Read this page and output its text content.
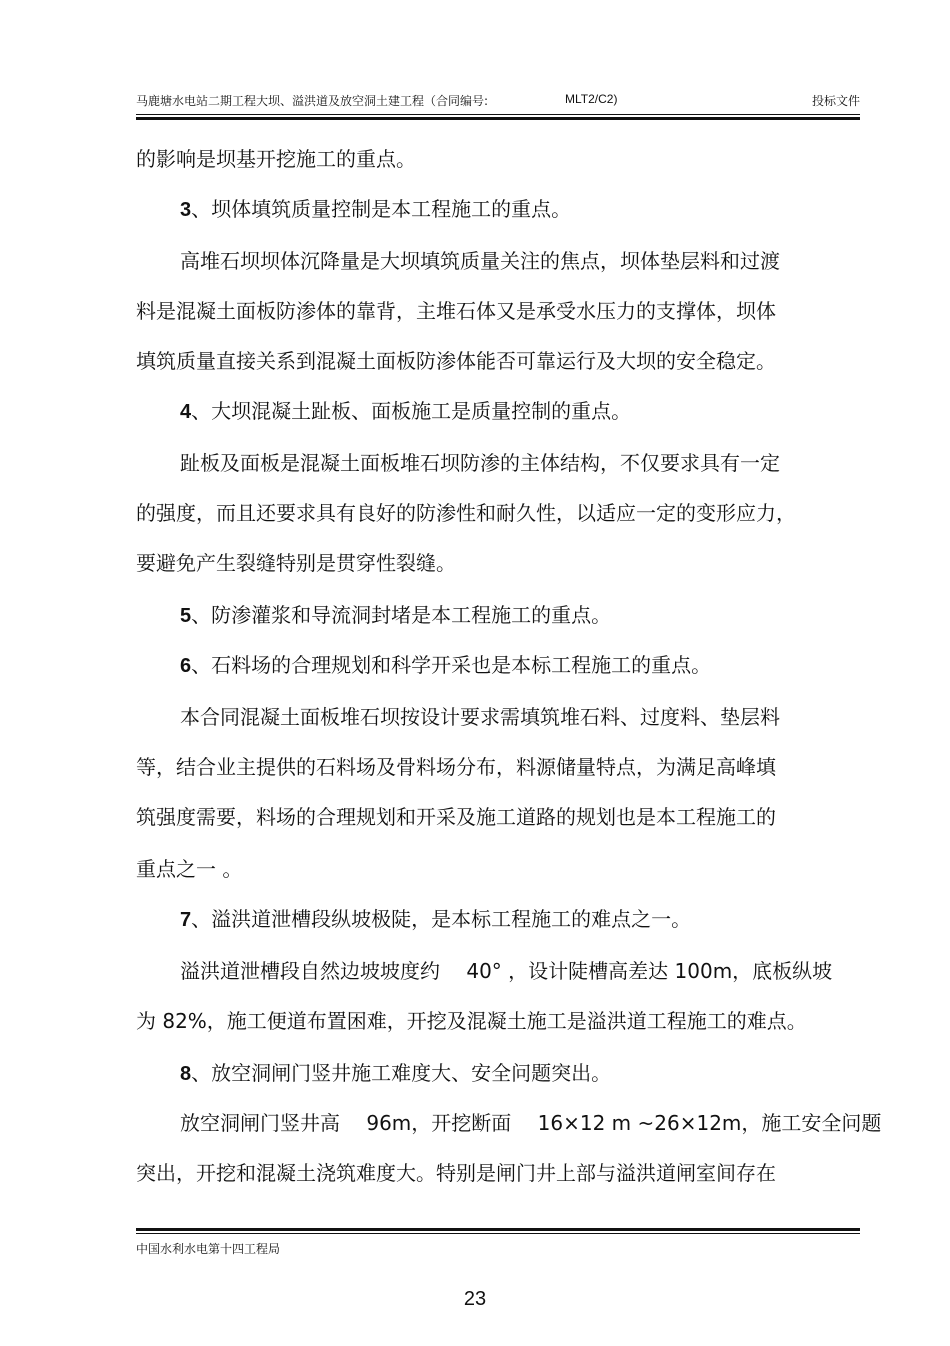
马鹿塘水电站二期工程大坝、溢洪道及放空洞土建工程（合同编号:	MLT2/C2)	投标文件
的影响是坝基开挖施工的重点。
3、坝体填筑质量控制是本工程施工的重点。
高堆石坝坝体沉降量是大坝填筑质量关注的焦点，坝体垫层料和过渡
料是混凝土面板防渗体的靠背，主堆石体又是承受水压力的支撑体，坝体
填筑质量直接关系到混凝土面板防渗体能否可靠运行及大坝的安全稳定。
4、大坝混凝土趾板、面板施工是质量控制的重点。
趾板及面板是混凝土面板堆石坝防渗的主体结构，不仅要求具有一定
的强度，而且还要求具有良好的防渗性和耐久性，以适应一定的变形应力，
要避免产生裂缝特别是贯穿性裂缝。
5、防渗灌浆和导流洞封堵是本工程施工的重点。
6、石料场的合理规划和科学开采也是本标工程施工的重点。
本合同混凝土面板堆石坝按设计要求需填筑堆石料、过度料、垫层料
等，结合业主提供的石料场及骨料场分布，料源储量特点，为满足高峰填
筑强度需要，料场的合理规划和开采及施工道路的规划也是本工程施工的
重点之一 。
7、溢洪道泄槽段纵坡极陡，是本标工程施工的难点之一。
溢洪道泄槽段自然边坡坡度约 　40° ，设计陡槽高差达 100m，底板纵坡
为 82%，施工便道布置困难，开挖及混凝土施工是溢洪道工程施工的难点。
8、放空洞闸门竖井施工难度大、安全问题突出。
放空洞闸门竖井高 　96m，开挖断面 　16×12 m ~26×12m，施工安全问题
突出，开挖和混凝土浇筑难度大。特别是闸门井上部与溢洪道闸室间存在
中国水利水电第十四工程局
23
